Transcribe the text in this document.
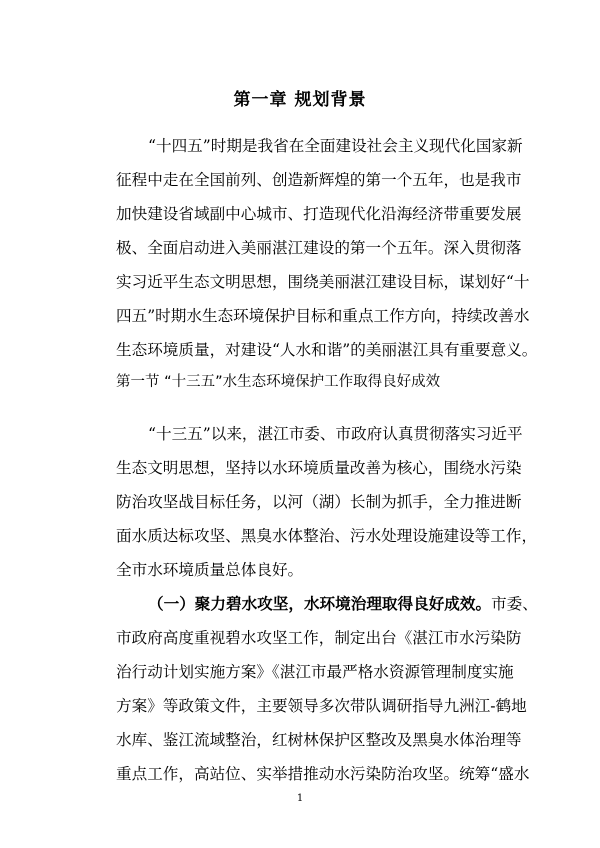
第一章 规划背景
“十四五”时期是我省在全面建设社会主义现代化国家新
征程中走在全国前列、创造新辉煌的第一个五年，也是我市
加快建设省域副中心城市、打造现代化沿海经济带重要发展
极、全面启动进入美丽湛江建设的第一个五年。深入贯彻落
实习近平生态文明思想，围绕美丽湛江建设目标，谋划好“十
四五”时期水生态环境保护目标和重点工作方向，持续改善水
生态环境质量，对建设“人水和谐”的美丽湛江具有重要意义。
第一节 “十三五”水生态环境保护工作取得良好成效
“十三五”以来，湛江市委、市政府认真贯彻落实习近平
生态文明思想，坚持以水环境质量改善为核心，围绕水污染
防治攻坚战目标任务，以河（湖）长制为抓手，全力推进断
面水质达标攻坚、黑臭水体整治、污水处理设施建设等工作，
全市水环境质量总体良好。
（一）聚力碧水攻坚，水环境治理取得良好成效。市委、
市政府高度重视碧水攻坚工作，制定出台《湛江市水污染防
治行动计划实施方案》《湛江市最严格水资源管理制度实施
方案》等政策文件，主要领导多次带队调研指导九洲江-鹤地
水库、鉴江流域整治，红树林保护区整改及黑臭水体治理等
重点工作，高站位、实举措推动水污染防治攻坚。统筹“盛水
1
